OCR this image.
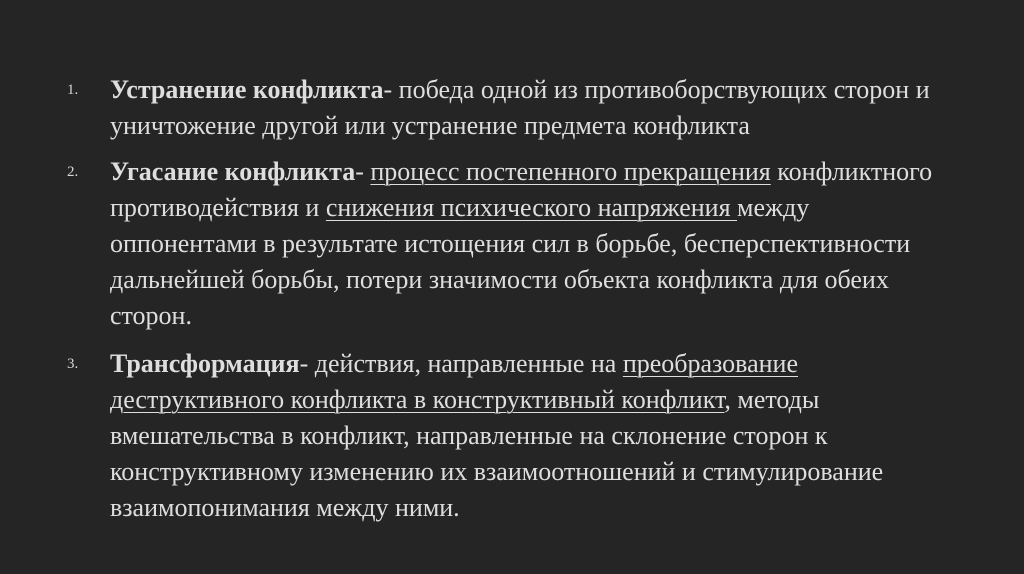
1. Устранение конфликта- победа одной из противоборствующих сторон и уничтожение другой или устранение предмета конфликта
2. Угасание конфликта- процесс постепенного прекращения конфликтного противодействия и снижения психического напряжения между оппонентами в результате истощения сил в борьбе, бесперспективности дальнейшей борьбы, потери значимости объекта конфликта для обеих сторон.
3. Трансформация- действия, направленные на преобразование деструктивного конфликта в конструктивный конфликт, методы вмешательства в конфликт, направленные на склонение сторон к конструктивному изменению их взаимоотношений и стимулирование взаимопонимания между ними.
